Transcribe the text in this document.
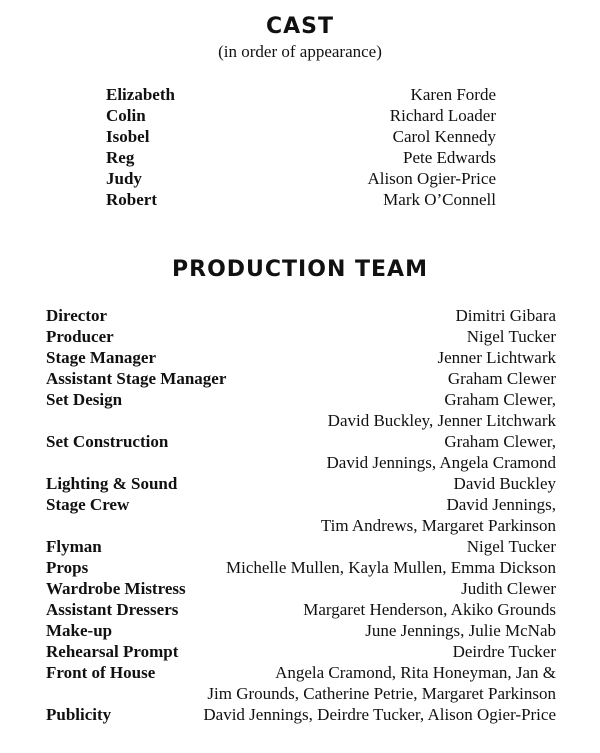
CAST
(in order of appearance)
Elizabeth	Karen Forde
Colin	Richard Loader
Isobel	Carol Kennedy
Reg	Pete Edwards
Judy	Alison Ogier-Price
Robert	Mark O’Connell
PRODUCTION TEAM
Director	Dimitri Gibara
Producer	Nigel Tucker
Stage Manager	Jenner Lichtwark
Assistant Stage Manager	Graham Clewer
Set Design	Graham Clewer,
David Buckley, Jenner Litchwark
Set Construction	Graham Clewer,
David Jennings, Angela Cramond
Lighting & Sound	David Buckley
Stage Crew	David Jennings,
Tim Andrews, Margaret Parkinson
Flyman	Nigel Tucker
Props	Michelle Mullen, Kayla Mullen, Emma Dickson
Wardrobe Mistress	Judith Clewer
Assistant Dressers	Margaret Henderson, Akiko Grounds
Make-up	June Jennings, Julie McNab
Rehearsal Prompt	Deirdre Tucker
Front of House	Angela Cramond, Rita Honeyman, Jan &
Jim Grounds, Catherine Petrie, Margaret Parkinson
Publicity	David Jennings, Deirdre Tucker, Alison Ogier-Price
